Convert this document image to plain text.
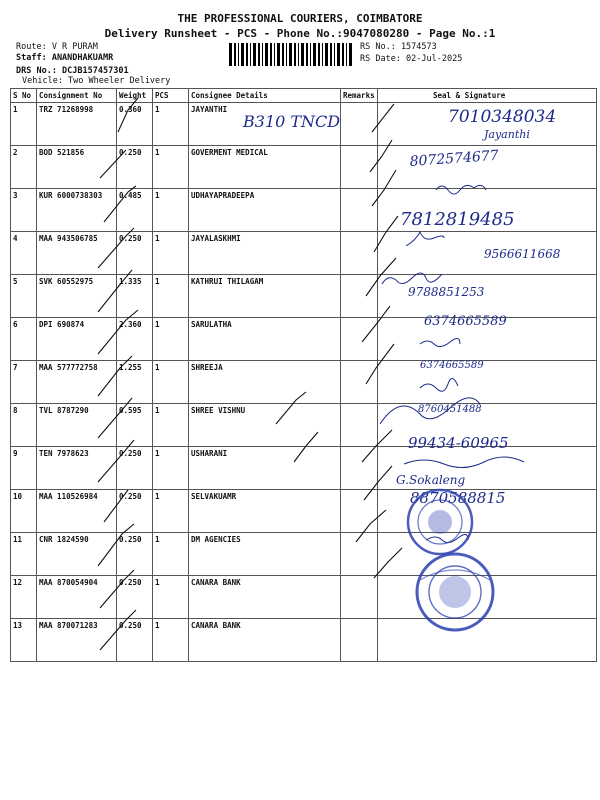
THE PROFESSIONAL COURIERS, COIMBATORE
Delivery Runsheet - PCS - Phone No.:9047080280 - Page No.:1
Route: V R PURAM
Staff: ANANDHAKUAMR
DRS No.: DCJB157457301
Vehicle: Two Wheeler Delivery
RS No.: 1574573
RS Date: 02-Jul-2025
S No	Consignment No	Weight	PCS	Consignee Details	Remarks	Seal & Signature
1	TRZ 71268998	0.360	1	JAYANTHI		
2	BOD 521856	0.250	1	GOVERMENT MEDICAL		
3	KUR 6000738303	0.485	1	UDHAYAPRADEEPA		
4	MAA 943506785	0.250	1	JAYALASKHMI		
5	SVK 60552975	1.335	1	KATHRUI THILAGAM		
6	DPI 690874	2.360	1	SARULATHA		
7	MAA 577772758	1.255	1	SHREEJA		
8	TVL 8787290	0.595	1	SHREE VISHNU		
9	TEN 7978623	0.250	1	USHARANI		
10	MAA 110526984	0.250	1	SELVAKUAMR		
11	CNR 1824590	0.250	1	DM AGENCIES		
12	MAA 870054904	0.250	1	CANARA BANK		
13	MAA 870071283	0.250	1	CANARA BANK		
B310 TNCD	7010348034
Jayanthi
8072574677
7812819485
9566611668
9788851253
6374665589
6374665589
8760451488
99434-60965
G.Sokaleng
8870588815
